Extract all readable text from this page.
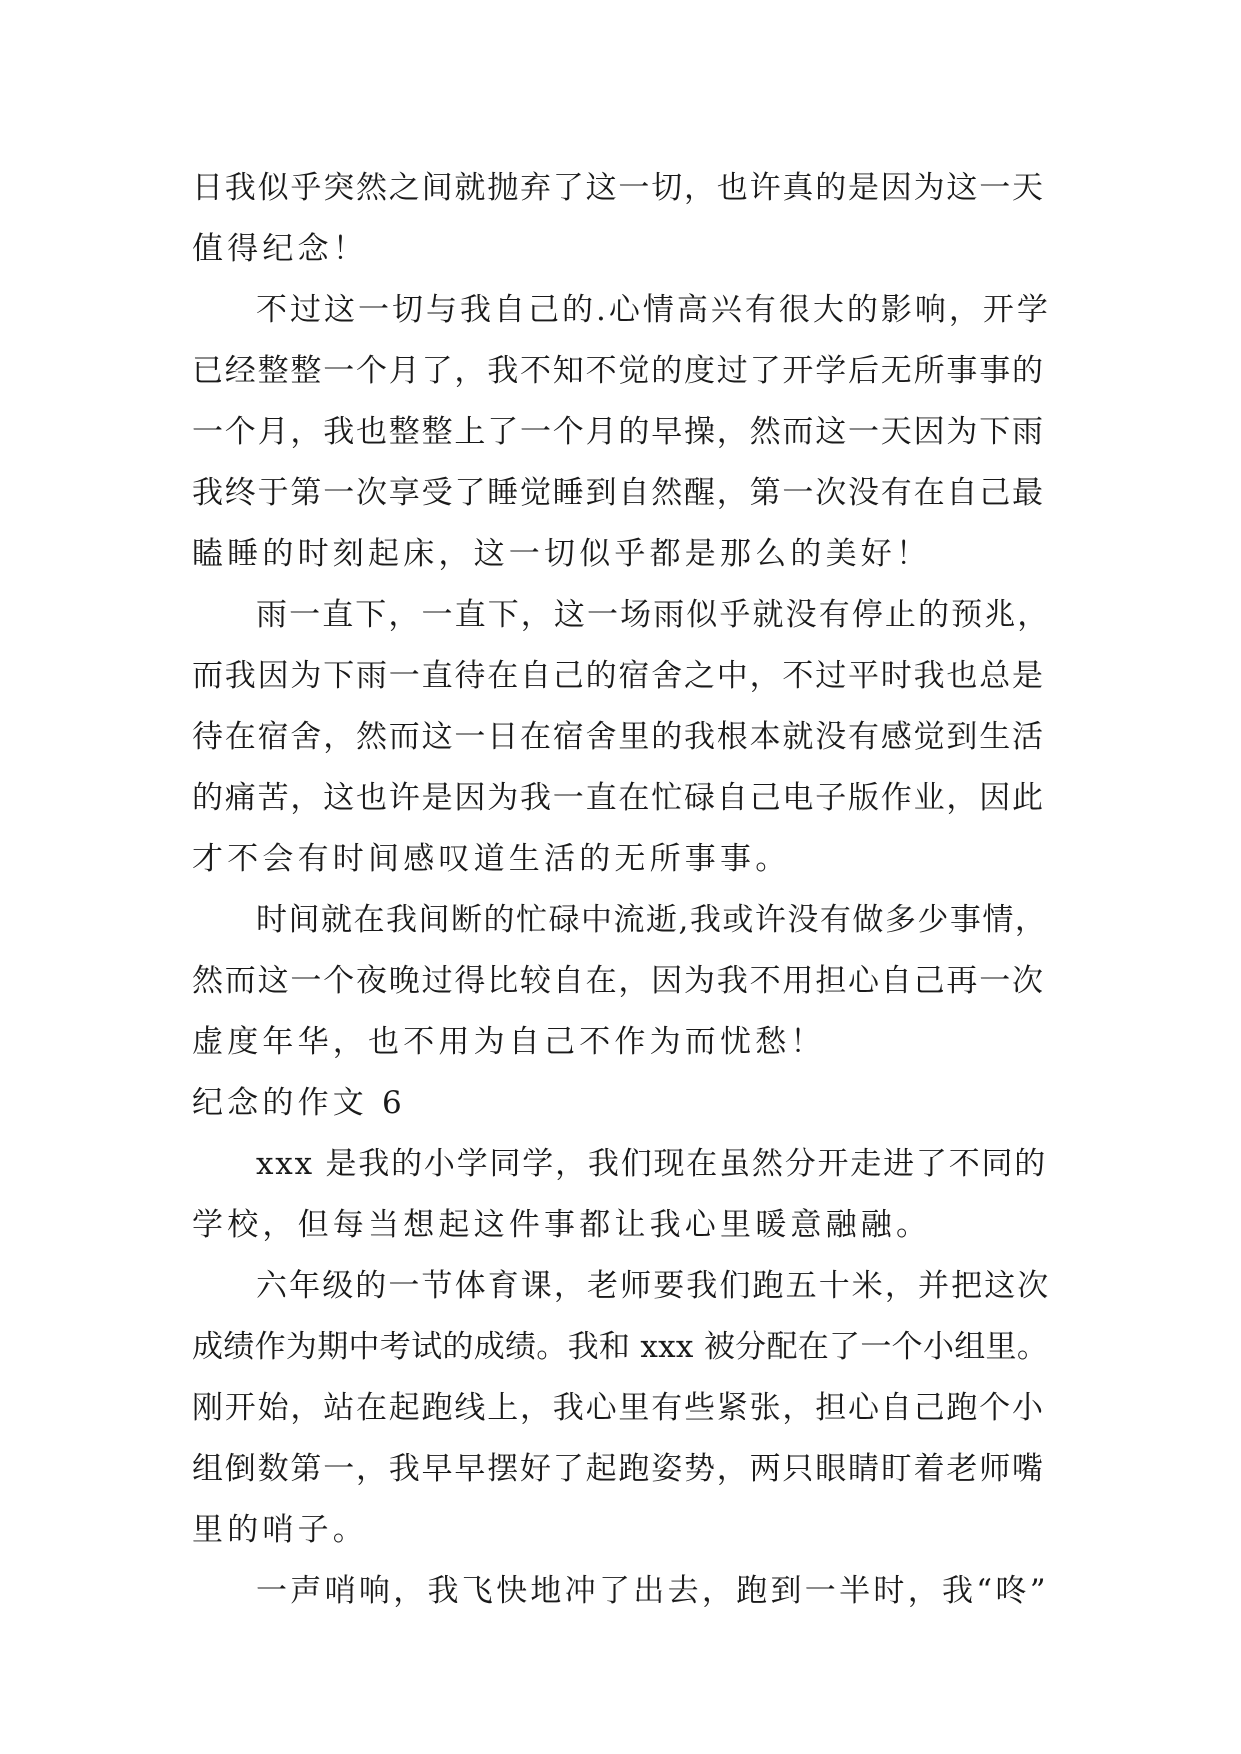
日我似乎突然之间就抛弃了这一切，也许真的是因为这一天

值得纪念！

不过这一切与我自己的.心情高兴有很大的影响，开学

已经整整一个月了，我不知不觉的度过了开学后无所事事的

一个月，我也整整上了一个月的早操，然而这一天因为下雨

我终于第一次享受了睡觉睡到自然醒，第一次没有在自己最

瞌睡的时刻起床，这一切似乎都是那么的美好！

雨一直下，一直下，这一场雨似乎就没有停止的预兆，

而我因为下雨一直待在自己的宿舍之中，不过平时我也总是

待在宿舍，然而这一日在宿舍里的我根本就没有感觉到生活

的痛苦，这也许是因为我一直在忙碌自己电子版作业，因此

才不会有时间感叹道生活的无所事事。

时间就在我间断的忙碌中流逝,我或许没有做多少事情，

然而这一个夜晚过得比较自在，因为我不用担心自己再一次

虚度年华，也不用为自己不作为而忧愁！

纪念的作文 6

xxx 是我的小学同学，我们现在虽然分开走进了不同的

学校，但每当想起这件事都让我心里暖意融融。

六年级的一节体育课，老师要我们跑五十米，并把这次

成绩作为期中考试的成绩。我和 xxx 被分配在了一个小组里。

刚开始，站在起跑线上，我心里有些紧张，担心自己跑个小

组倒数第一，我早早摆好了起跑姿势，两只眼睛盯着老师嘴

里的哨子。

一声哨响，我飞快地冲了出去，跑到一半时，我“咚”
